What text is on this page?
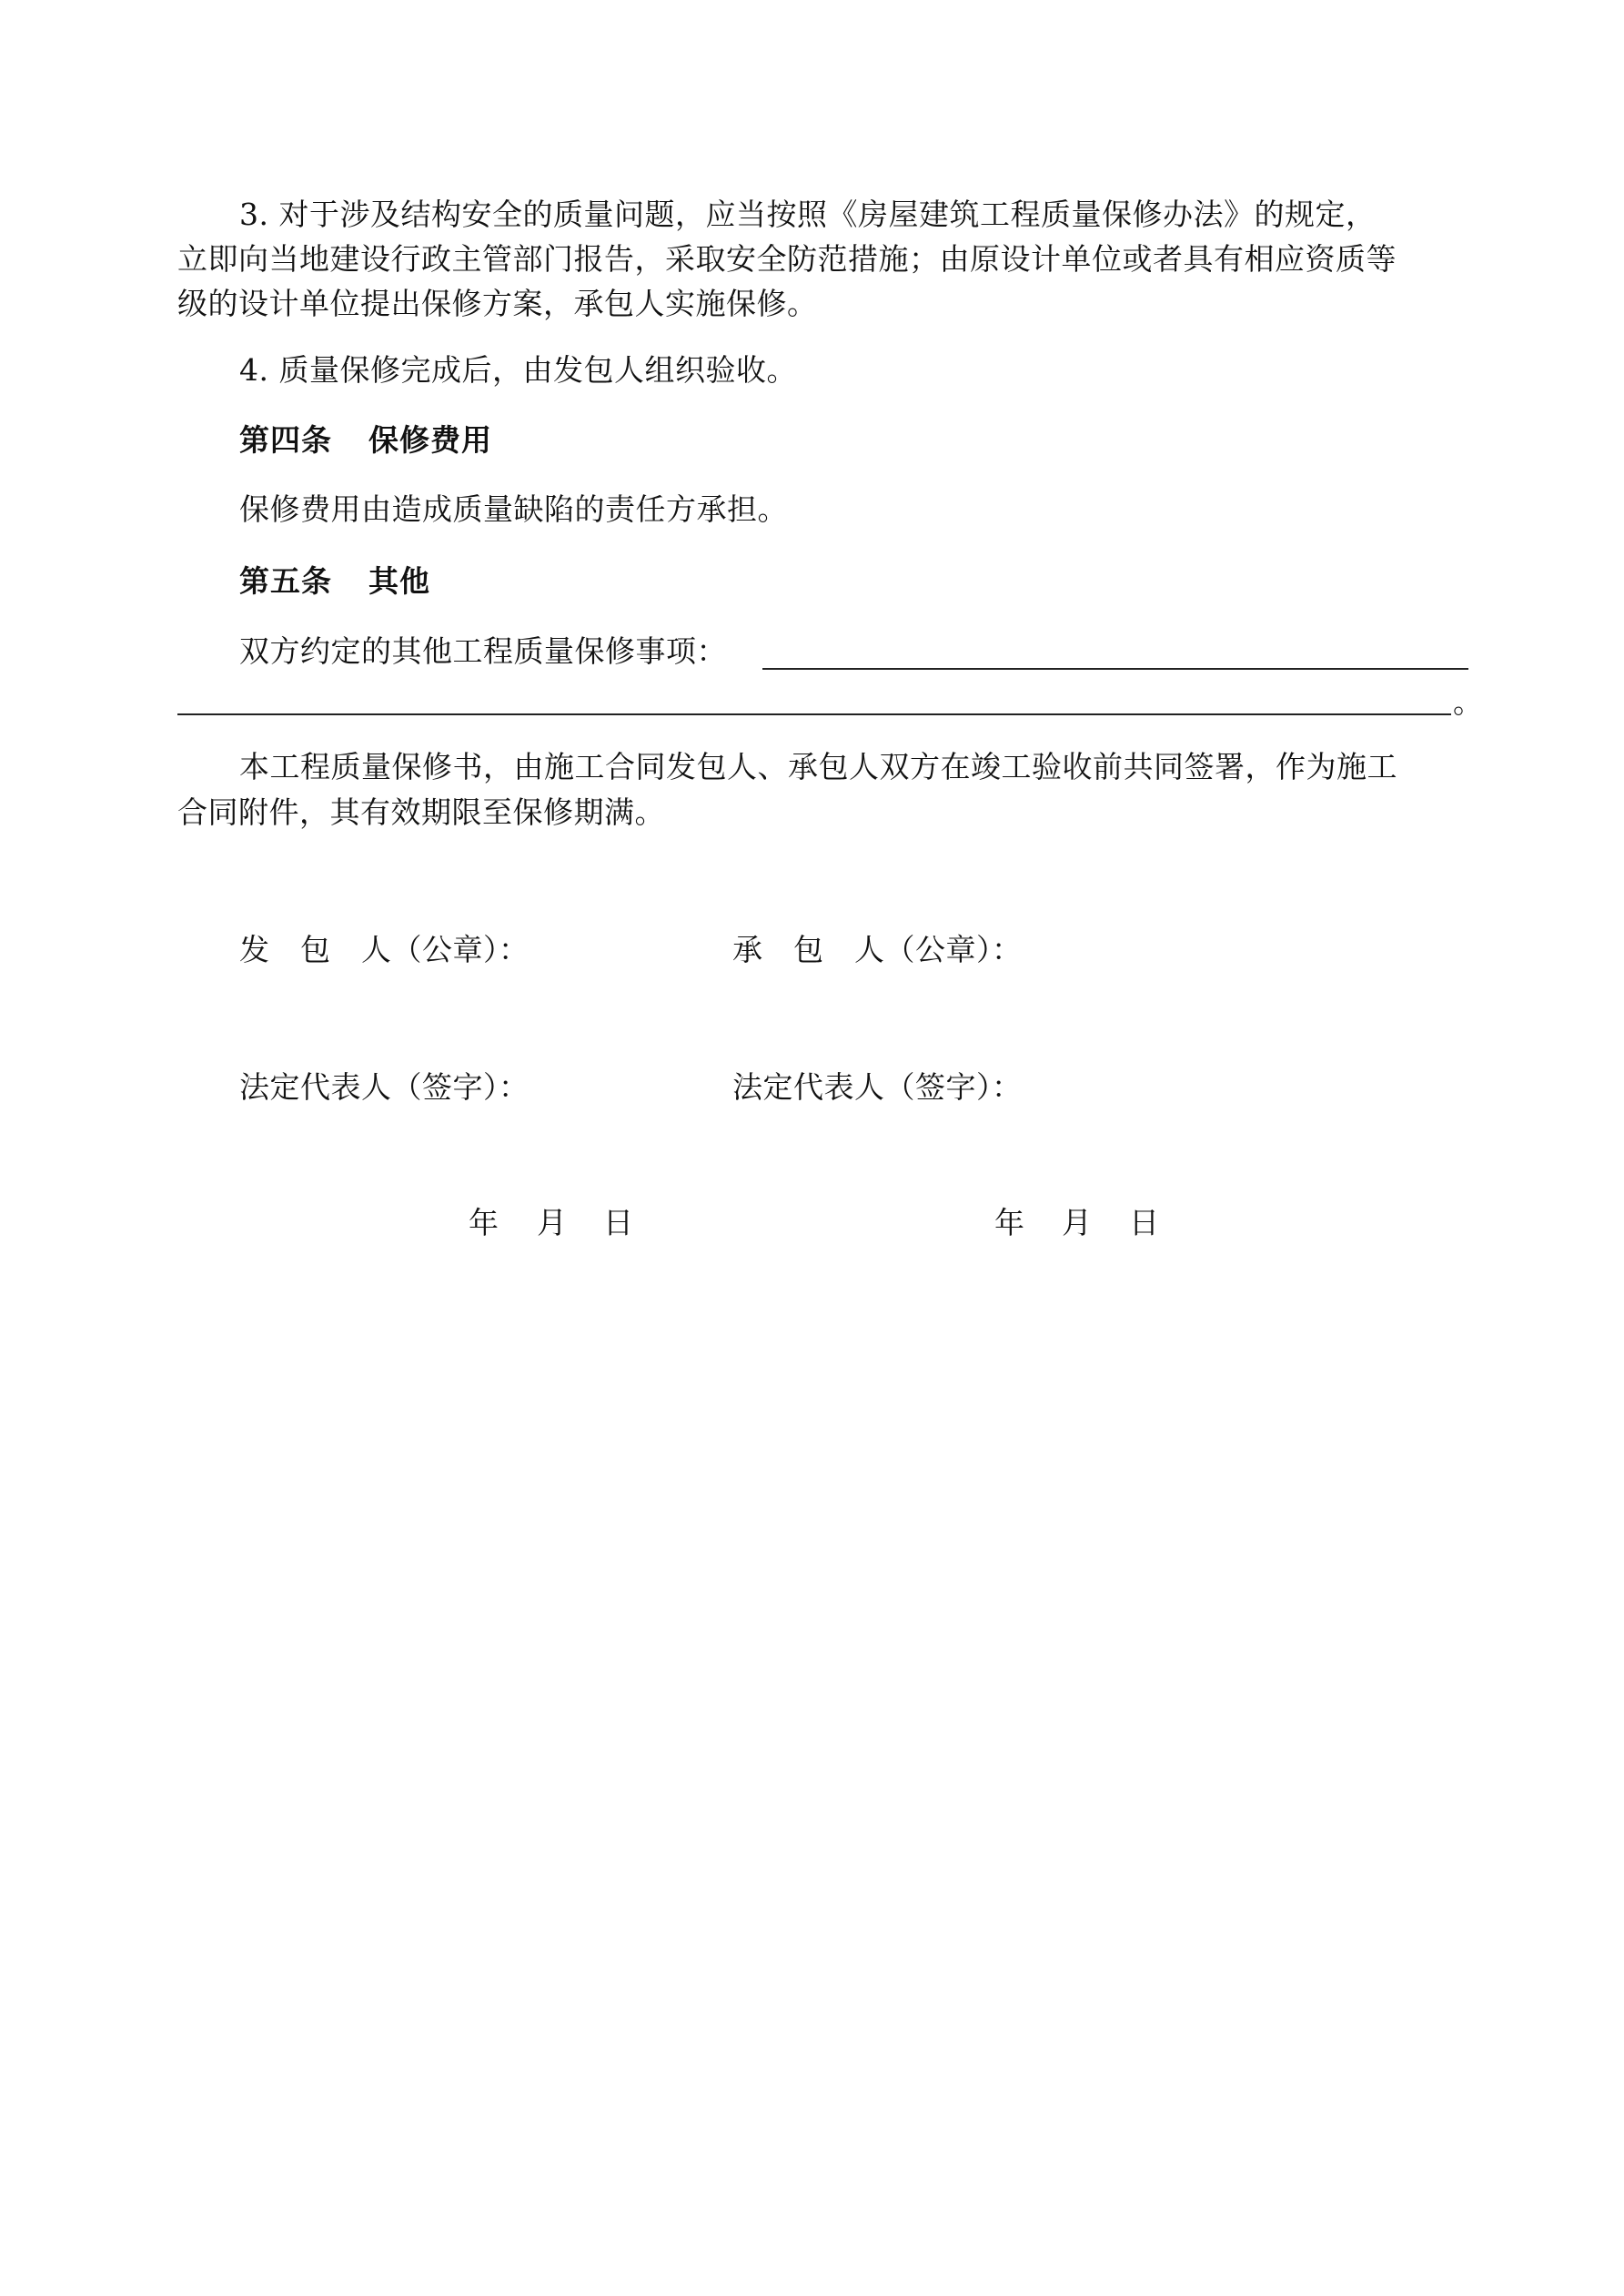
3. 对于涉及结构安全的质量问题，应当按照《房屋建筑工程质量保修办法》的规定，
立即向当地建设行政主管部门报告，采取安全防范措施；由原设计单位或者具有相应资质等
级的设计单位提出保修方案，承包人实施保修。
4. 质量保修完成后，由发包人组织验收。
第四条 保修费用
保修费用由造成质量缺陷的责任方承担。
第五条 其他
双方约定的其他工程质量保修事项：
。
本工程质量保修书，由施工合同发包人、承包人双方在竣工验收前共同签署，作为施工
合同附件，其有效期限至保修期满。
发　包　人（公章）：	承　包　人（公章）：
法定代表人（签字）：	法定代表人（签字）：
年 月 日	年 月 日
